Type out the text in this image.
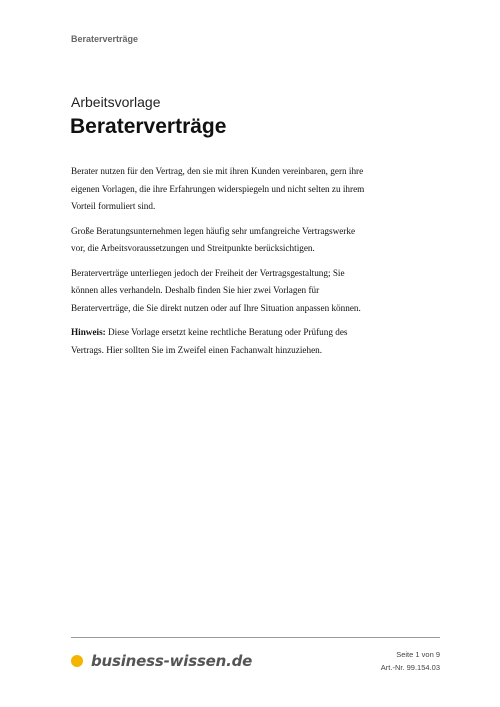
Beraterverträge
Arbeitsvorlage
Beraterverträge

Berater nutzen für den Vertrag, den sie mit ihren Kunden vereinbaren, gern ihre eigenen Vorlagen, die ihre Erfahrungen widerspiegeln und nicht selten zu ihrem Vorteil formuliert sind.

Große Beratungsunternehmen legen häufig sehr umfangreiche Vertragswerke vor, die Arbeitsvoraussetzungen und Streitpunkte berücksichtigen.

Beraterverträge unterliegen jedoch der Freiheit der Vertragsgestaltung; Sie können alles verhandeln. Deshalb finden Sie hier zwei Vorlagen für Beraterverträge, die Sie direkt nutzen oder auf Ihre Situation anpassen können.

Hinweis: Diese Vorlage ersetzt keine rechtliche Beratung oder Prüfung des Vertrags. Hier sollten Sie im Zweifel einen Fachanwalt hinzuziehen.

business-wissen.de	Seite 1 von 9
Art.-Nr. 99.154.03
